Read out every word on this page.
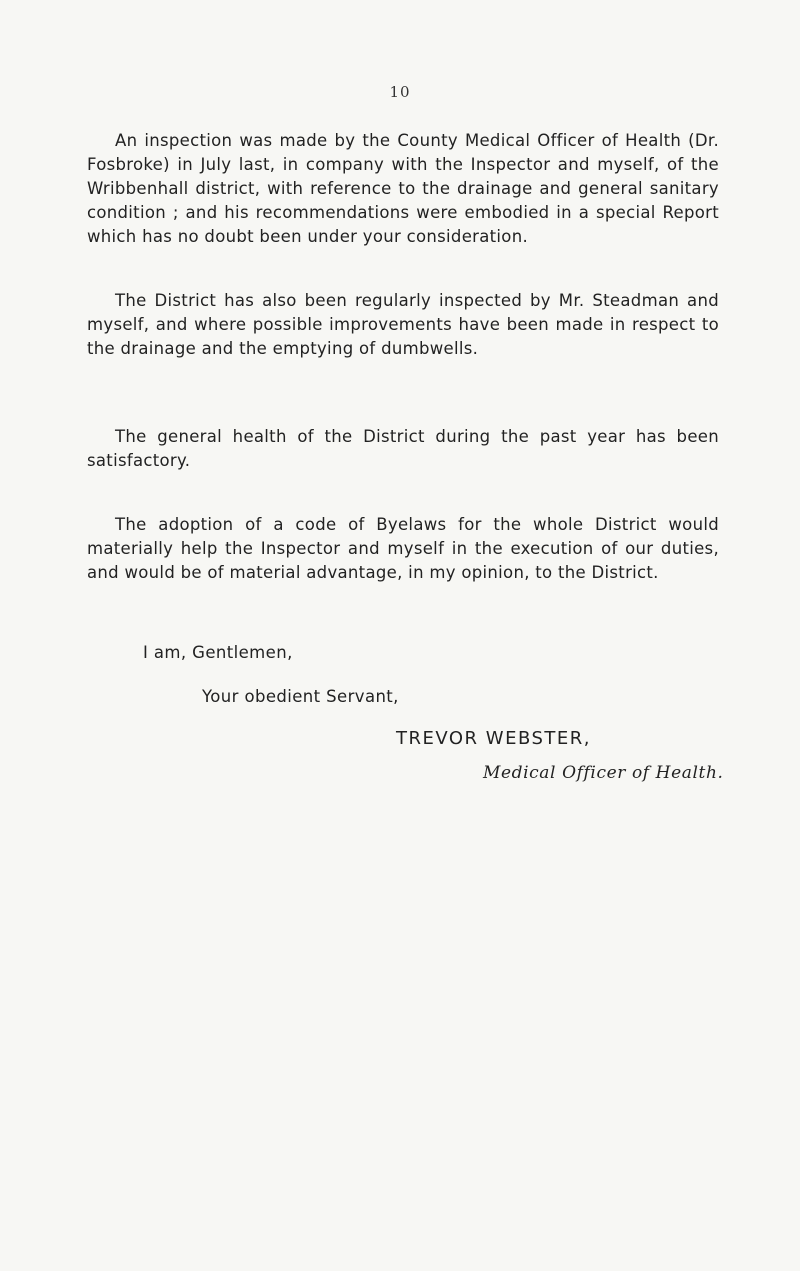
10

An inspection was made by the County Medical Officer of Health (Dr. Fosbroke) in July last, in company with the Inspector and myself, of the Wribbenhall district, with reference to the drainage and general sanitary condition ; and his recommendations were embodied in a special Report which has no doubt been under your consideration.

The District has also been regularly inspected by Mr. Steadman and myself, and where possible improvements have been made in respect to the drainage and the emptying of dumbwells.

The general health of the District during the past year has been satisfactory.

The adoption of a code of Byelaws for the whole District would materially help the Inspector and myself in the execution of our duties, and would be of material advantage, in my opinion, to the District.

I am, Gentlemen,

Your obedient Servant,

TREVOR WEBSTER,

Medical Officer of Health.
